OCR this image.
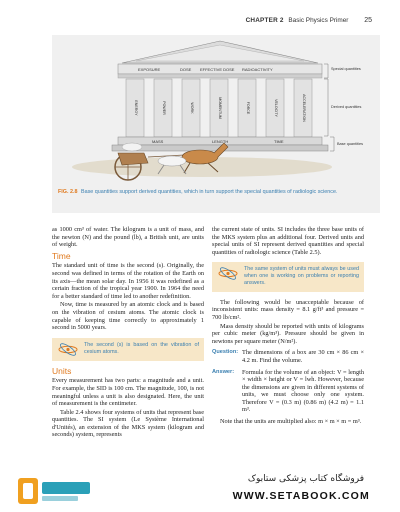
CHAPTER 2 Basic Physics Primer 25
EXPOSURE	DOSE EFFECTIVE DOSE RADIOACTIVITY
ENERGY	POWER	WORK	MOMENTUM	FORCE	VELOCITY	ACCELERATION
MASS	LENGTH	TIME
Special quantities
Derived quantities
Base quantities
FIG. 2.8 Base quantities support derived quantities, which in turn support the special quantities of radiologic science.

as 1000 cm³ of water. The kilogram is a unit of mass, and the newton (N) and the pound (lb), a British unit, are units of weight.

Time

The standard unit of time is the second (s). Originally, the second was defined in terms of the rotation of the Earth on its axis—the mean solar day. In 1956 it was redefined as a certain fraction of the tropical year 1900. In 1964 the need for a better standard of time led to another redefinition.

Now, time is measured by an atomic clock and is based on the vibration of cesium atoms. The atomic clock is capable of keeping time correctly to approximately 1 second in 5000 years.

The second (s) is based on the vibration of cesium atoms.
Units

Every measurement has two parts: a magnitude and a unit. For example, the SID is 100 cm. The magnitude, 100, is not meaningful unless a unit is also designated. Here, the unit of measurement is the centimeter.

Table 2.4 shows four systems of units that represent base quantities. The SI system (Le Système International d'Unités), an extension of the MKS system (kilogram and seconds) system, represents

the current state of units. SI includes the three base units of the MKS system plus an additional four. Derived units and special units of SI represent derived quantities and special quantities of radiologic science (Table 2.5).

The same system of units must always be used when one is working on problems or reporting answers.

The following would be unacceptable because of inconsistent units: mass density = 8.1 g/ft³ and pressure = 700 lb/cm².

Mass density should be reported with units of kilograms per cubic meter (kg/m³). Pressure should be given in newtons per square meter (N/m²).

Question: The dimensions of a box are 30 cm × 86 cm × 4.2 m. Find the volume.
Answer:	Formula for the volume of an object: V = length × width × height or V = lwh. However, because the dimensions are given in different systems of units, we must choose only one system. Therefore V = (0.3 m) (0.86 m) (4.2 m) = 1.1 m³.

Note that the units are multiplied also: m × m × m = m³.

فروشگاه کتاب پزشکی ستابوک
WWW.SETABOOK.COM
